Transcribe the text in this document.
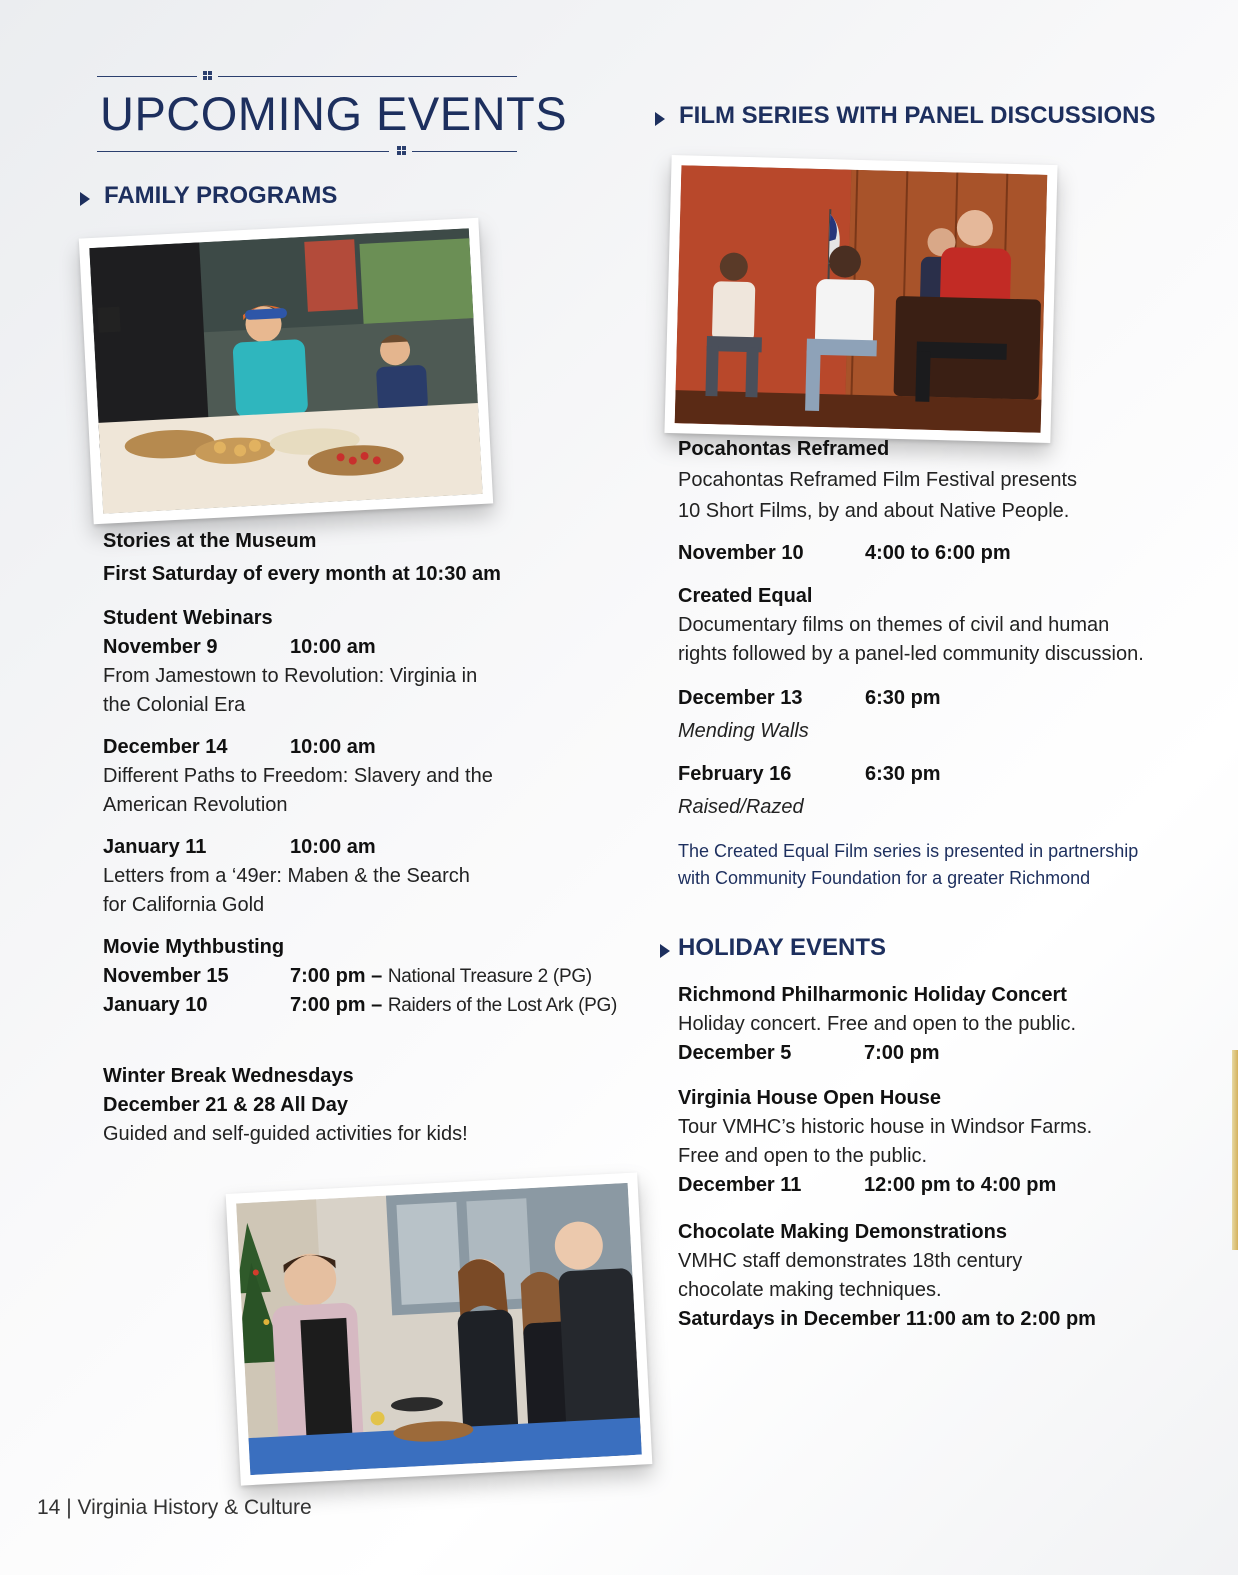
UPCOMING EVENTS
FAMILY PROGRAMS
Stories at the Museum
First Saturday of every month at 10:30 am
Student Webinars
November 9	10:00 am
From Jamestown to Revolution: Virginia in
the Colonial Era
December 14	10:00 am
Different Paths to Freedom: Slavery and the
American Revolution
January 11	10:00 am
Letters from a ‘49er: Maben & the Search
for California Gold
Movie Mythbusting
November 15	7:00 pm – National Treasure 2 (PG)
January 10	7:00 pm – Raiders of the Lost Ark (PG)
Winter Break Wednesdays
December 21 & 28 All Day
Guided and self-guided activities for kids!
FILM SERIES WITH PANEL DISCUSSIONS
Pocahontas Reframed
Pocahontas Reframed Film Festival presents
10 Short Films, by and about Native People.
November 10	4:00 to 6:00 pm
Created Equal
Documentary films on themes of civil and human
rights followed by a panel-led community discussion.
December 13	6:30 pm
Mending Walls
February 16	6:30 pm
Raised/Razed
The Created Equal Film series is presented in partnership
with Community Foundation for a greater Richmond
HOLIDAY EVENTS
Richmond Philharmonic Holiday Concert
Holiday concert. Free and open to the public.
December 5	7:00 pm
Virginia House Open House
Tour VMHC’s historic house in Windsor Farms.
Free and open to the public.
December 11	12:00 pm to 4:00 pm
Chocolate Making Demonstrations
VMHC staff demonstrates 18th century
chocolate making techniques.
Saturdays in December 11:00 am to 2:00 pm
14 | Virginia History & Culture
